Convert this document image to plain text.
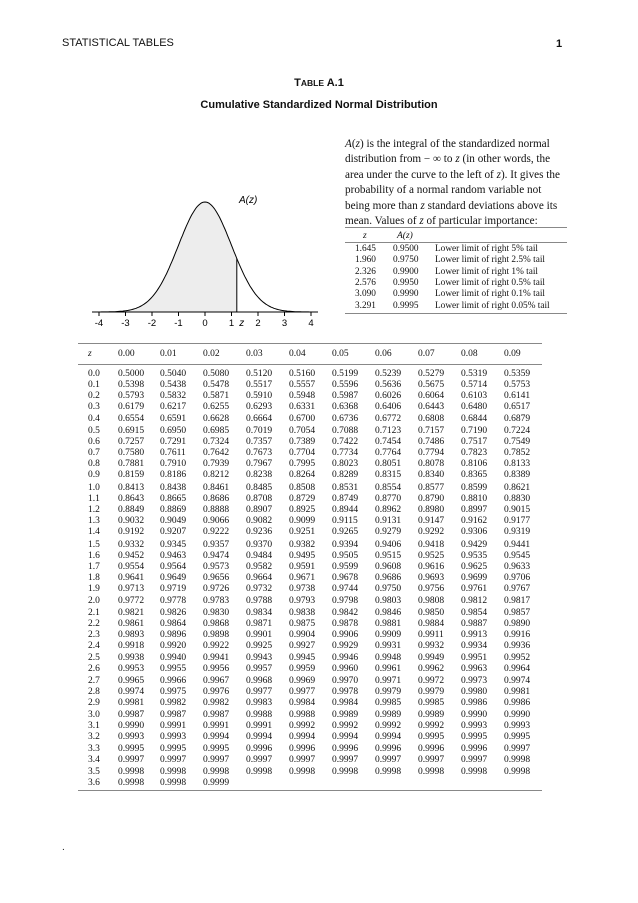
STATISTICAL TABLES	1
TABLE A.1
Cumulative Standardized Normal Distribution
-4 -3 -2 -1 0 1 2 3 4
z
A(z)
A(z) is the integral of the standardized normal
distribution from − ∞ to z (in other words, the
area under the curve to the left of z). It gives the
probability of a normal random variable not
being more than z standard deviations above its
mean. Values of z of particular importance:
z	A(z)
1.645 0.9500 Lower limit of right 5% tail
1.960 0.9750 Lower limit of right 2.5% tail
2.326 0.9900 Lower limit of right 1% tail
2.576 0.9950 Lower limit of right 0.5% tail
3.090 0.9990 Lower limit of right 0.1% tail
3.291 0.9995 Lower limit of right 0.05% tail
z	0.00	0.01	0.02	0.03	0.04	0.05	0.06	0.07	0.08	0.09
0.0 0.5000 0.5040 0.5080 0.5120 0.5160 0.5199 0.5239 0.5279 0.5319 0.5359
0.1 0.5398 0.5438 0.5478 0.5517 0.5557 0.5596 0.5636 0.5675 0.5714 0.5753
0.2 0.5793 0.5832 0.5871 0.5910 0.5948 0.5987 0.6026 0.6064 0.6103 0.6141
0.3 0.6179 0.6217 0.6255 0.6293 0.6331 0.6368 0.6406 0.6443 0.6480 0.6517
0.4 0.6554 0.6591 0.6628 0.6664 0.6700 0.6736 0.6772 0.6808 0.6844 0.6879
0.5 0.6915 0.6950 0.6985 0.7019 0.7054 0.7088 0.7123 0.7157 0.7190 0.7224
0.6 0.7257 0.7291 0.7324 0.7357 0.7389 0.7422 0.7454 0.7486 0.7517 0.7549
0.7 0.7580 0.7611 0.7642 0.7673 0.7704 0.7734 0.7764 0.7794 0.7823 0.7852
0.8 0.7881 0.7910 0.7939 0.7967 0.7995 0.8023 0.8051 0.8078 0.8106 0.8133
0.9 0.8159 0.8186 0.8212 0.8238 0.8264 0.8289 0.8315 0.8340 0.8365 0.8389
1.0 0.8413 0.8438 0.8461 0.8485 0.8508 0.8531 0.8554 0.8577 0.8599 0.8621
1.1 0.8643 0.8665 0.8686 0.8708 0.8729 0.8749 0.8770 0.8790 0.8810 0.8830
1.2 0.8849 0.8869 0.8888 0.8907 0.8925 0.8944 0.8962 0.8980 0.8997 0.9015
1.3 0.9032 0.9049 0.9066 0.9082 0.9099 0.9115 0.9131 0.9147 0.9162 0.9177
1.4 0.9192 0.9207 0.9222 0.9236 0.9251 0.9265 0.9279 0.9292 0.9306 0.9319
1.5 0.9332 0.9345 0.9357 0.9370 0.9382 0.9394 0.9406 0.9418 0.9429 0.9441
1.6 0.9452 0.9463 0.9474 0.9484 0.9495 0.9505 0.9515 0.9525 0.9535 0.9545
1.7 0.9554 0.9564 0.9573 0.9582 0.9591 0.9599 0.9608 0.9616 0.9625 0.9633
1.8 0.9641 0.9649 0.9656 0.9664 0.9671 0.9678 0.9686 0.9693 0.9699 0.9706
1.9 0.9713 0.9719 0.9726 0.9732 0.9738 0.9744 0.9750 0.9756 0.9761 0.9767
2.0 0.9772 0.9778 0.9783 0.9788 0.9793 0.9798 0.9803 0.9808 0.9812 0.9817
2.1 0.9821 0.9826 0.9830 0.9834 0.9838 0.9842 0.9846 0.9850 0.9854 0.9857
2.2 0.9861 0.9864 0.9868 0.9871 0.9875 0.9878 0.9881 0.9884 0.9887 0.9890
2.3 0.9893 0.9896 0.9898 0.9901 0.9904 0.9906 0.9909 0.9911 0.9913 0.9916
2.4 0.9918 0.9920 0.9922 0.9925 0.9927 0.9929 0.9931 0.9932 0.9934 0.9936
2.5 0.9938 0.9940 0.9941 0.9943 0.9945 0.9946 0.9948 0.9949 0.9951 0.9952
2.6 0.9953 0.9955 0.9956 0.9957 0.9959 0.9960 0.9961 0.9962 0.9963 0.9964
2.7 0.9965 0.9966 0.9967 0.9968 0.9969 0.9970 0.9971 0.9972 0.9973 0.9974
2.8 0.9974 0.9975 0.9976 0.9977 0.9977 0.9978 0.9979 0.9979 0.9980 0.9981
2.9 0.9981 0.9982 0.9982 0.9983 0.9984 0.9984 0.9985 0.9985 0.9986 0.9986
3.0 0.9987 0.9987 0.9987 0.9988 0.9988 0.9989 0.9989 0.9989 0.9990 0.9990
3.1 0.9990 0.9991 0.9991 0.9991 0.9992 0.9992 0.9992 0.9992 0.9993 0.9993
3.2 0.9993 0.9993 0.9994 0.9994 0.9994 0.9994 0.9994 0.9995 0.9995 0.9995
3.3 0.9995 0.9995 0.9995 0.9996 0.9996 0.9996 0.9996 0.9996 0.9996 0.9997
3.4 0.9997 0.9997 0.9997 0.9997 0.9997 0.9997 0.9997 0.9997 0.9997 0.9998
3.5 0.9998 0.9998 0.9998 0.9998 0.9998 0.9998 0.9998 0.9998 0.9998 0.9998
3.6 0.9998 0.9998 0.9999
.
